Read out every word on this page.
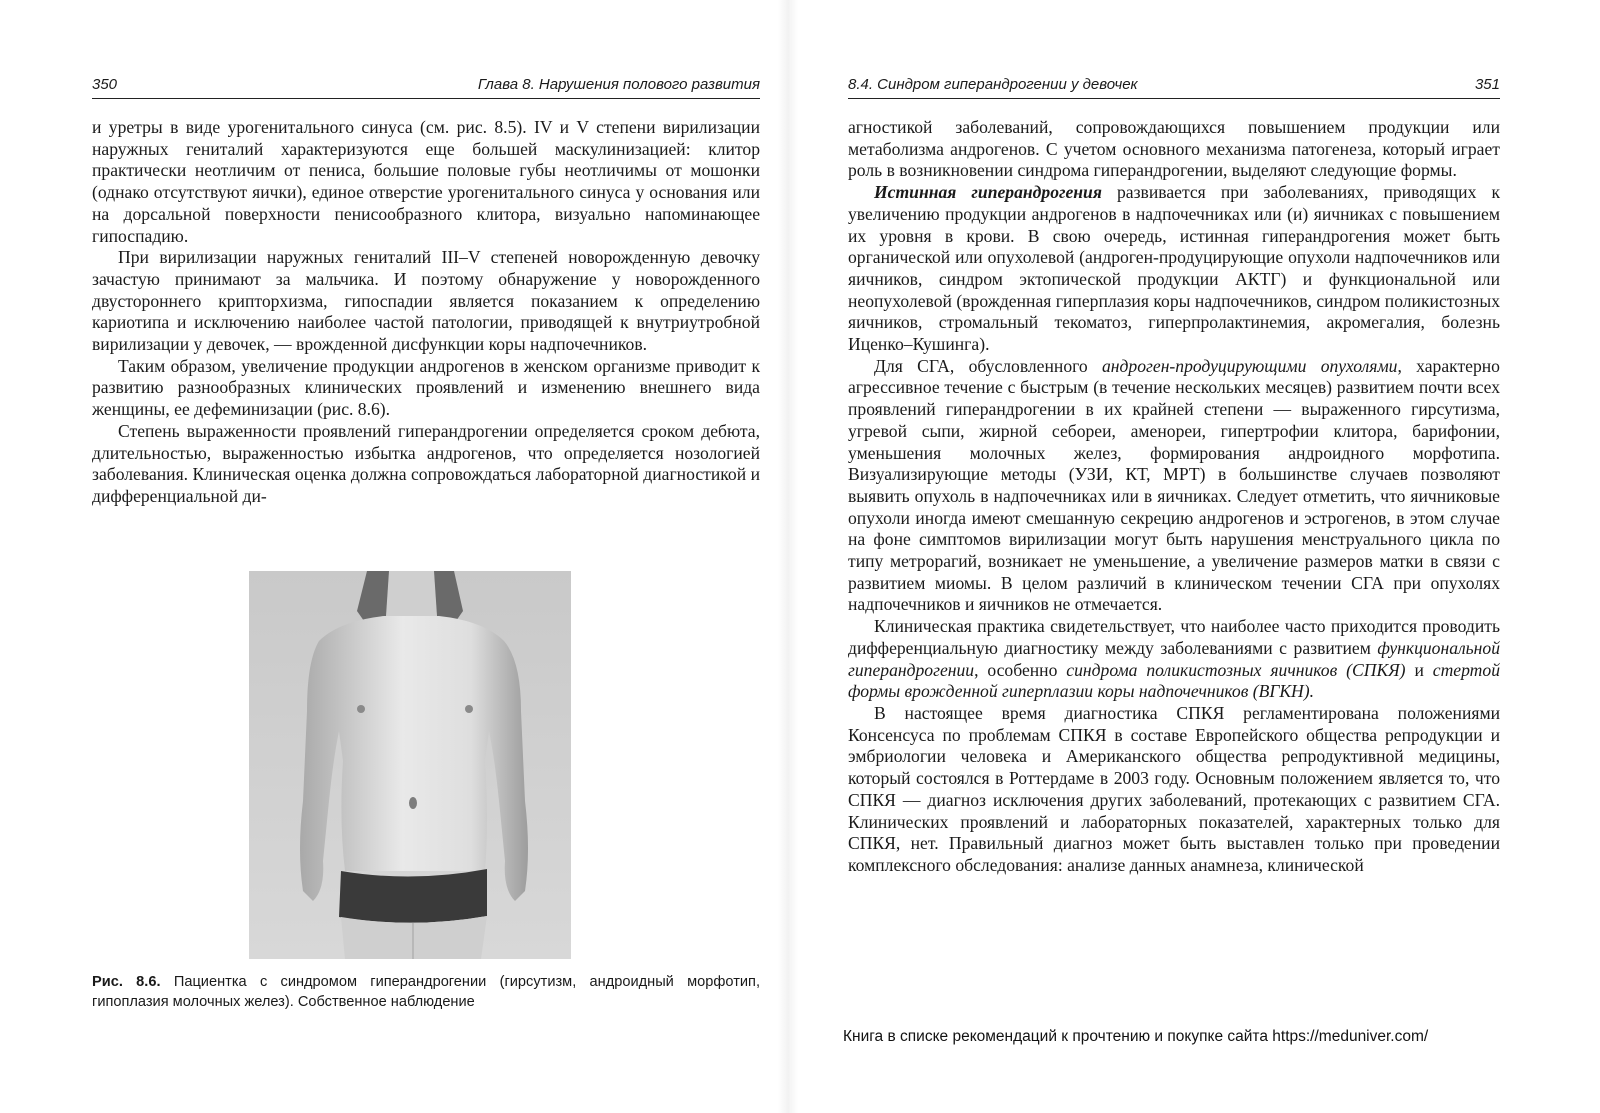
350	Глава 8. Нарушения полового развития

и уретры в виде урогенитального синуса (см. рис. 8.5). IV и V степени вирилизации наружных гениталий характеризуются еще большей маскулинизацией: клитор практически неотличим от пениса, большие половые губы неотличимы от мошонки (однако отсутствуют яички), единое отверстие урогенитального синуса у основания или на дорсальной поверхности пенисообразного клитора, визуально напоминающее гипоспадию.

При вирилизации наружных гениталий III–V степеней новорожденную девочку зачастую принимают за мальчика. И поэтому обнаружение у новорожденного двустороннего крипторхизма, гипоспадии является показанием к определению кариотипа и исключению наиболее частой патологии, приводящей к внутриутробной вирилизации у девочек, — врожденной дисфункции коры надпочечников.

Таким образом, увеличение продукции андрогенов в женском организме приводит к развитию разнообразных клинических проявлений и изменению внешнего вида женщины, ее дефеминизации (рис. 8.6).

Степень выраженности проявлений гиперандрогении определяется сроком дебюта, длительностью, выраженностью избытка андрогенов, что определяется нозологией заболевания. Клиническая оценка должна сопровождаться лабораторной диагностикой и дифференциальной ди-

Рис. 8.6. Пациентка с синдромом гиперандрогении (гирсутизм, андроидный морфотип, гипоплазия молочных желез). Собственное наблюдение
8.4. Синдром гиперандрогении у девочек	351

агностикой заболеваний, сопровождающихся повышением продукции или метаболизма андрогенов. С учетом основного механизма патогенеза, который играет роль в возникновении синдрома гиперандрогении, выделяют следующие формы.

Истинная гиперандрогения развивается при заболеваниях, приводящих к увеличению продукции андрогенов в надпочечниках или (и) яичниках с повышением их уровня в крови. В свою очередь, истинная гиперандрогения может быть органической или опухолевой (андроген-продуцирующие опухоли надпочечников или яичников, синдром эктопической продукции АКТГ) и функциональной или неопухолевой (врожденная гиперплазия коры надпочечников, синдром поликистозных яичников, стромальный текоматоз, гиперпролактинемия, акромегалия, болезнь Иценко–Кушинга).

Для СГА, обусловленного андроген-продуцирующими опухолями, характерно агрессивное течение с быстрым (в течение нескольких месяцев) развитием почти всех проявлений гиперандрогении в их крайней степени — выраженного гирсутизма, угревой сыпи, жирной себореи, аменореи, гипертрофии клитора, барифонии, уменьшения молочных желез, формирования андроидного морфотипа. Визуализирующие методы (УЗИ, КТ, МРТ) в большинстве случаев позволяют выявить опухоль в надпочечниках или в яичниках. Следует отметить, что яичниковые опухоли иногда имеют смешанную секрецию андрогенов и эстрогенов, в этом случае на фоне симптомов вирилизации могут быть нарушения менструального цикла по типу метрорагий, возникает не уменьшение, а увеличение размеров матки в связи с развитием миомы. В целом различий в клиническом течении СГА при опухолях надпочечников и яичников не отмечается.

Клиническая практика свидетельствует, что наиболее часто приходится проводить дифференциальную диагностику между заболеваниями с развитием функциональной гиперандрогении, особенно синдрома поликистозных яичников (СПКЯ) и стертой формы врожденной гиперплазии коры надпочечников (ВГКН).

В настоящее время диагностика СПКЯ регламентирована положениями Консенсуса по проблемам СПКЯ в составе Европейского общества репродукции и эмбриологии человека и Американского общества репродуктивной медицины, который состоялся в Роттердаме в 2003 году. Основным положением является то, что СПКЯ — диагноз исключения других заболеваний, протекающих с развитием СГА. Клинических проявлений и лабораторных показателей, характерных только для СПКЯ, нет. Правильный диагноз может быть выставлен только при проведении комплексного обследования: анализе данных анамнеза, клинической

Книга в списке рекомендаций к прочтению и покупке сайта https://meduniver.com/
